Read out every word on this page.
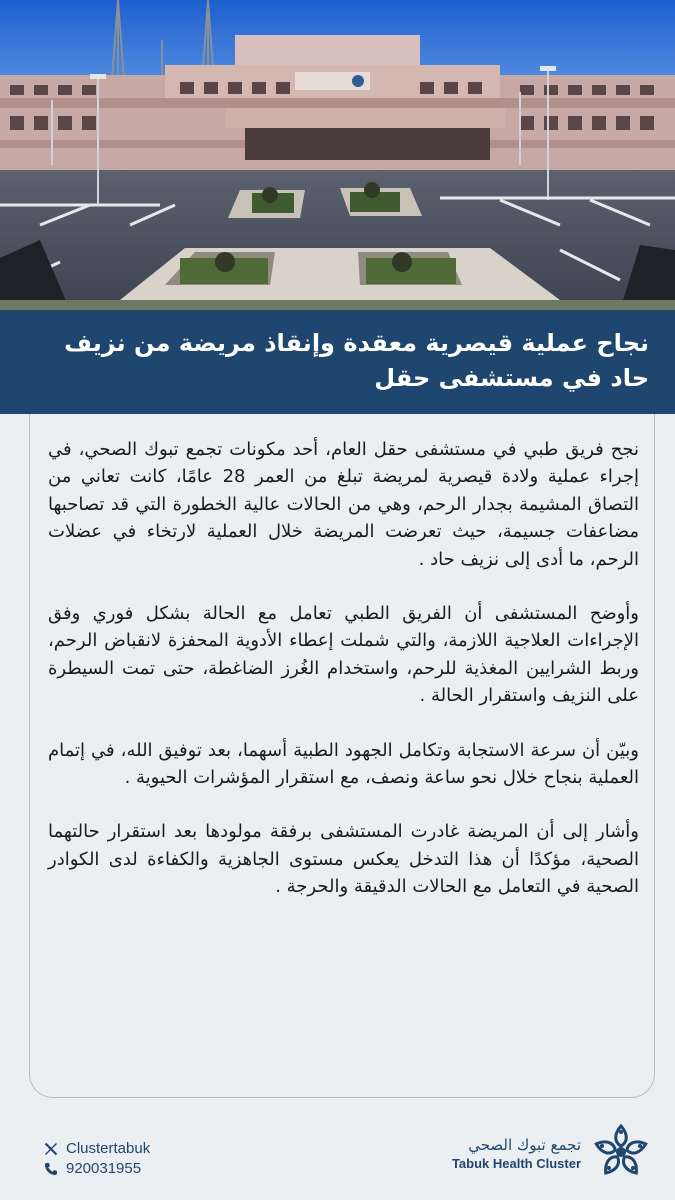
نجاح عملية قيصرية معقدة وإنقاذ مريضة من نزيف حاد في مستشفى حقل

نجح فريق طبي في مستشفى حقل العام، أحد مكونات تجمع تبوك الصحي، في إجراء عملية ولادة قيصرية لمريضة تبلغ من العمر 28 عامًا، كانت تعاني من التصاق المشيمة بجدار الرحم، وهي من الحالات عالية الخطورة التي قد تصاحبها مضاعفات جسيمة، حيث تعرضت المريضة خلال العملية لارتخاء في عضلات الرحم، ما أدى إلى نزيف حاد .

وأوضح المستشفى أن الفريق الطبي تعامل مع الحالة بشكل فوري وفق الإجراءات العلاجية اللازمة، والتي شملت إعطاء الأدوية المحفزة لانقباض الرحم، وربط الشرايين المغذية للرحم، واستخدام الغُرز الضاغطة، حتى تمت السيطرة على النزيف واستقرار الحالة .

وبيّن أن سرعة الاستجابة وتكامل الجهود الطبية أسهما، بعد توفيق الله، في إتمام العملية بنجاح خلال نحو ساعة ونصف، مع استقرار المؤشرات الحيوية .

وأشار إلى أن المريضة غادرت المستشفى برفقة مولودها بعد استقرار حالتهما الصحية، مؤكدًا أن هذا التدخل يعكس مستوى الجاهزية والكفاءة لدى الكوادر الصحية في التعامل مع الحالات الدقيقة والحرجة .

Clustertabuk
920031955
تجمع تبوك الصحي
Tabuk Health Cluster
